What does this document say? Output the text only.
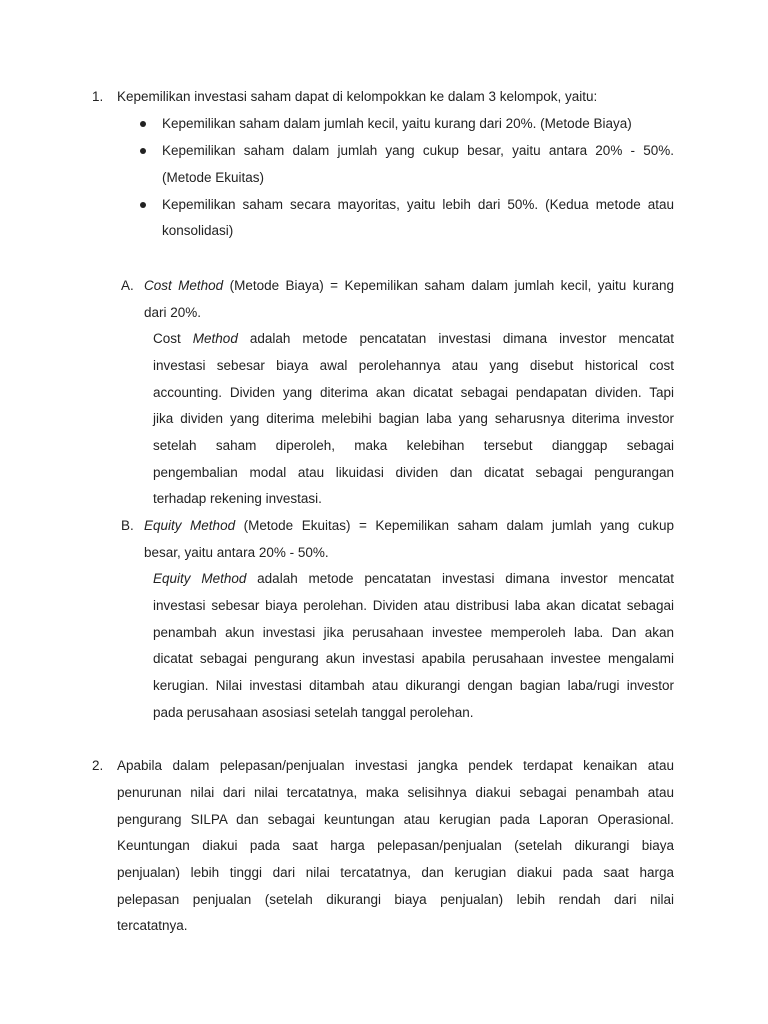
1. Kepemilikan investasi saham dapat di kelompokkan ke dalam 3 kelompok, yaitu:
Kepemilikan saham dalam jumlah kecil, yaitu kurang dari 20%. (Metode Biaya)
Kepemilikan saham dalam jumlah yang cukup besar, yaitu antara 20% - 50%.
(Metode Ekuitas)
Kepemilikan saham secara mayoritas, yaitu lebih dari 50%. (Kedua metode atau
konsolidasi)
A. Cost Method (Metode Biaya) = Kepemilikan saham dalam jumlah kecil, yaitu kurang
dari 20%.
Cost Method adalah metode pencatatan investasi dimana investor mencatat
investasi sebesar biaya awal perolehannya atau yang disebut historical cost
accounting. Dividen yang diterima akan dicatat sebagai pendapatan dividen. Tapi
jika dividen yang diterima melebihi bagian laba yang seharusnya diterima investor
setelah saham diperoleh, maka kelebihan tersebut dianggap sebagai
pengembalian modal atau likuidasi dividen dan dicatat sebagai pengurangan
terhadap rekening investasi.
B. Equity Method (Metode Ekuitas) = Kepemilikan saham dalam jumlah yang cukup
besar, yaitu antara 20% - 50%.
Equity Method adalah metode pencatatan investasi dimana investor mencatat
investasi sebesar biaya perolehan. Dividen atau distribusi laba akan dicatat sebagai
penambah akun investasi jika perusahaan investee memperoleh laba. Dan akan
dicatat sebagai pengurang akun investasi apabila perusahaan investee mengalami
kerugian. Nilai investasi ditambah atau dikurangi dengan bagian laba/rugi investor
pada perusahaan asosiasi setelah tanggal perolehan.
2. Apabila dalam pelepasan/penjualan investasi jangka pendek terdapat kenaikan atau
penurunan nilai dari nilai tercatatnya, maka selisihnya diakui sebagai penambah atau
pengurang SILPA dan sebagai keuntungan atau kerugian pada Laporan Operasional.
Keuntungan diakui pada saat harga pelepasan/penjualan (setelah dikurangi biaya
penjualan) lebih tinggi dari nilai tercatatnya, dan kerugian diakui pada saat harga
pelepasan penjualan (setelah dikurangi biaya penjualan) lebih rendah dari nilai
tercatatnya.
